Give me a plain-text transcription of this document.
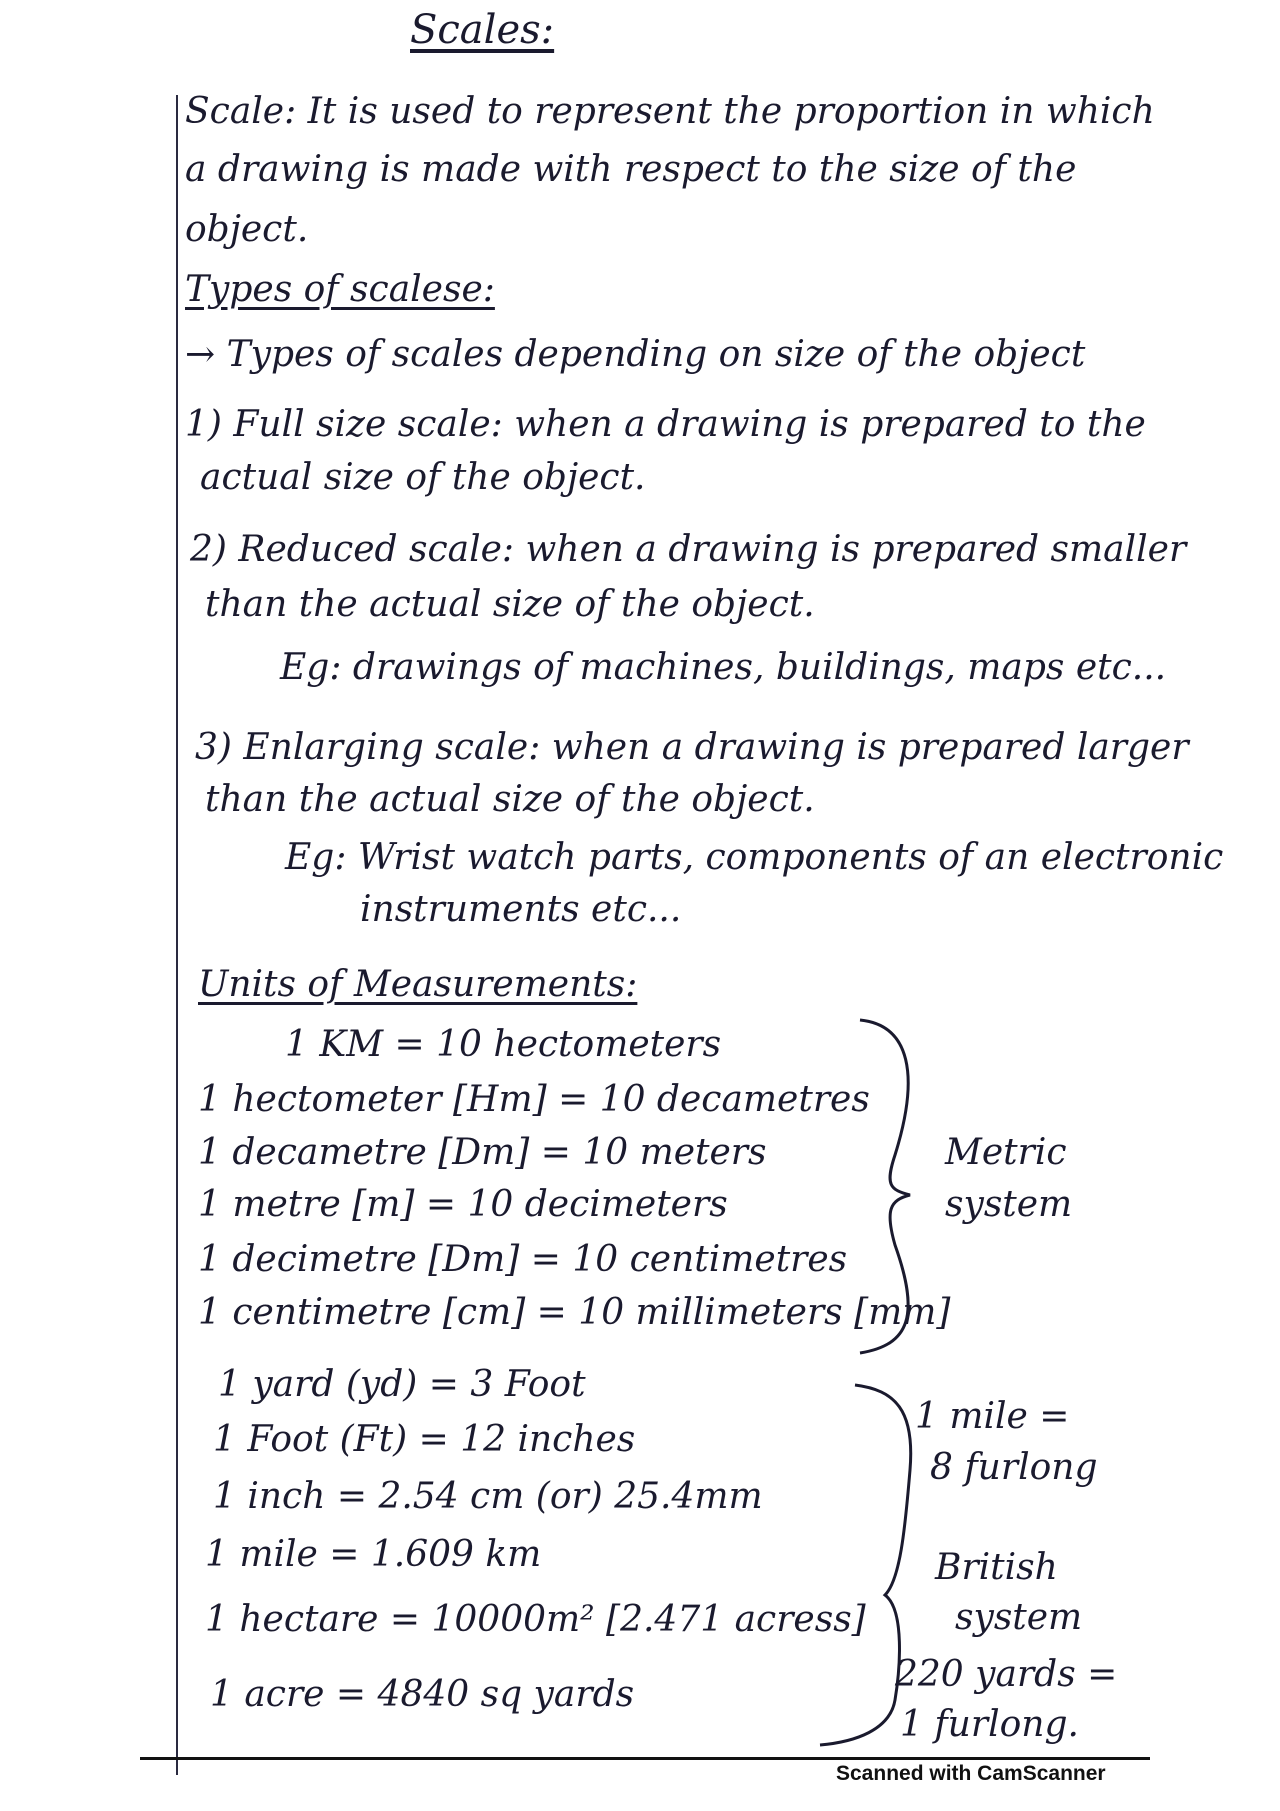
Scales:
Scale: It is used to represent the proportion in which
a drawing is made with respect to the size of the
object.
Types of scalese:
→ Types of scales depending on size of the object
1) Full size scale: when a drawing is prepared to the
actual size of the object.
2) Reduced scale: when a drawing is prepared smaller
than the actual size of the object.
Eg: drawings of machines, buildings, maps etc...
3) Enlarging scale: when a drawing is prepared larger
than the actual size of the object.
Eg: Wrist watch parts, components of an electronic
instruments etc...
Units of Measurements:
1 KM = 10 hectometers
1 hectometer [Hm] = 10 decametres
1 decametre [Dm] = 10 meters
1 metre [m] = 10 decimeters
1 decimetre [Dm] = 10 centimetres
1 centimetre [cm] = 10 millimeters [mm]
Metric
system
1 yard (yd) = 3 Foot
1 Foot (Ft) = 12 inches
1 inch = 2.54 cm (or) 25.4mm
1 mile = 1.609 km
1 hectare = 10000m² [2.471 acress]
1 acre = 4840 sq yards
1 mile =
8 furlong
British
system
220 yards =
1 furlong.
Scanned with CamScanner
